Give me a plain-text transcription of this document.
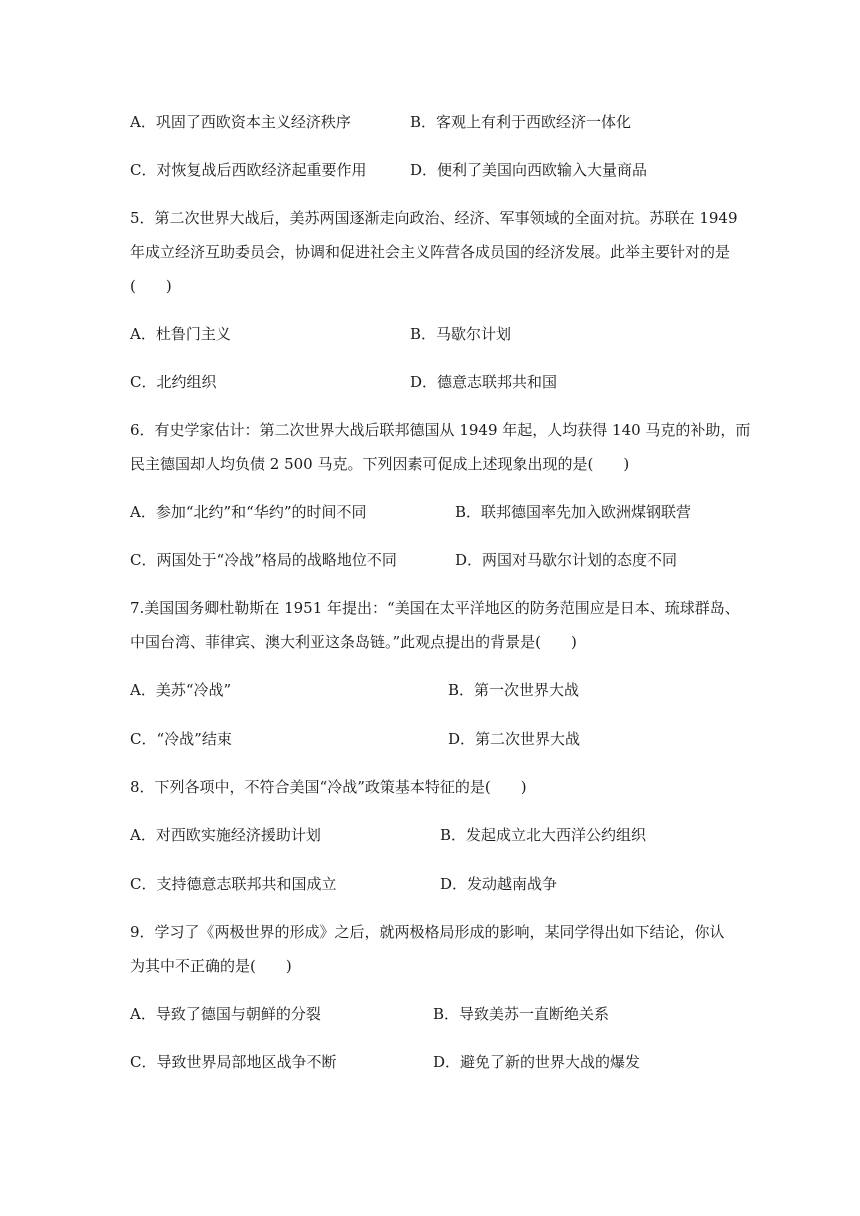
A．巩固了西欧资本主义经济秩序	B．客观上有利于西欧经济一体化
C．对恢复战后西欧经济起重要作用	D．便利了美国向西欧输入大量商品
5．第二次世界大战后，美苏两国逐渐走向政治、经济、军事领域的全面对抗。苏联在 1949
年成立经济互助委员会，协调和促进社会主义阵营各成员国的经济发展。此举主要针对的是
(　　)
A．杜鲁门主义	B．马歇尔计划
C．北约组织	D．德意志联邦共和国
6．有史学家估计：第二次世界大战后联邦德国从 1949 年起，人均获得 140 马克的补助，而
民主德国却人均负债 2 500 马克。下列因素可促成上述现象出现的是(　　)
A．参加“北约”和“华约”的时间不同	B．联邦德国率先加入欧洲煤钢联营
C．两国处于“冷战”格局的战略地位不同	D．两国对马歇尔计划的态度不同
7.美国国务卿杜勒斯在 1951 年提出：“美国在太平洋地区的防务范围应是日本、琉球群岛、
中国台湾、菲律宾、澳大利亚这条岛链。”此观点提出的背景是(　　)
A．美苏“冷战”	B．第一次世界大战
C．“冷战”结束	D．第二次世界大战
8．下列各项中，不符合美国“冷战”政策基本特征的是(　　)
A．对西欧实施经济援助计划	B．发起成立北大西洋公约组织
C．支持德意志联邦共和国成立	D．发动越南战争
9．学习了《两极世界的形成》之后，就两极格局形成的影响，某同学得出如下结论，你认
为其中不正确的是(　　)
A．导致了德国与朝鲜的分裂	B．导致美苏一直断绝关系
C．导致世界局部地区战争不断	D．避免了新的世界大战的爆发
